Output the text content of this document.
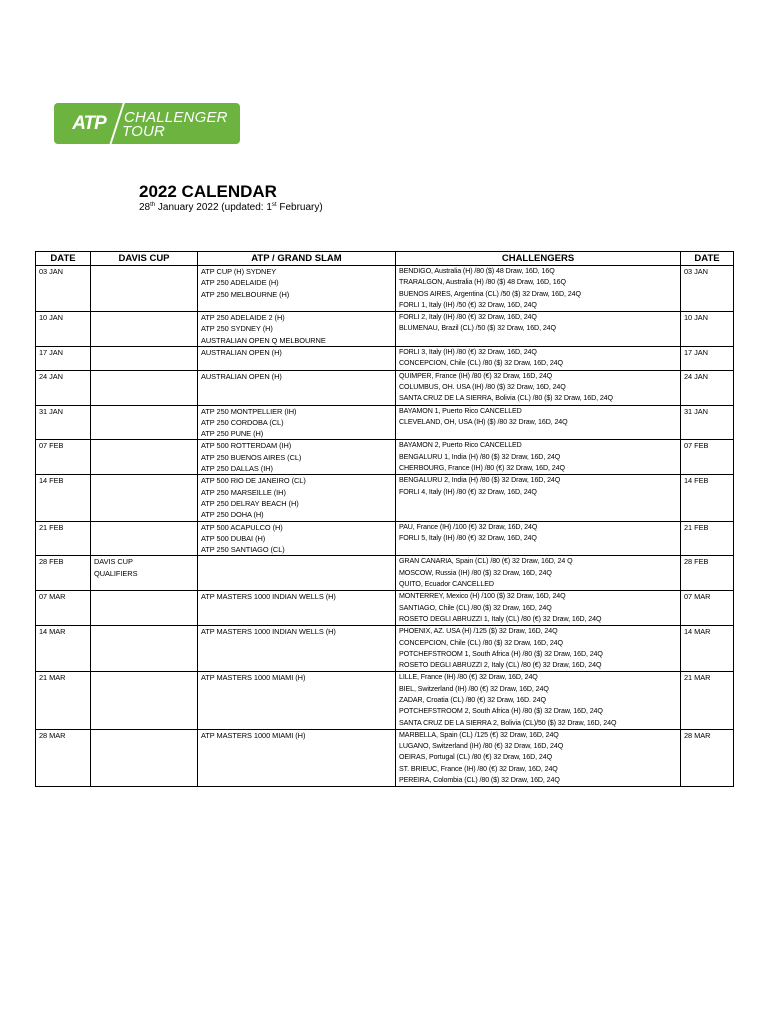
ATP	CHALLENGER
TOUR
2022 CALENDAR
28th January 2022 (updated: 1st February)
DATE	DAVIS CUP	ATP / GRAND SLAM	CHALLENGERS	DATE
03 JAN		ATP CUP (H) SYDNEY
ATP 250 ADELAIDE (H)
ATP 250 MELBOURNE (H)	BENDIGO, Australia (H) /80 ($) 48 Draw, 16D, 16Q
TRARALGON, Australia (H) /80 ($) 48 Draw, 16D, 16Q
BUENOS AIRES, Argentina (CL) /50 ($) 32 Draw, 16D, 24Q
FORLI 1, Italy (IH) /50 (€) 32 Draw, 16D, 24Q	03 JAN
10 JAN		ATP 250 ADELAIDE 2 (H)
ATP 250 SYDNEY (H)
AUSTRALIAN OPEN Q MELBOURNE	FORLI 2, Italy (IH) /80 (€) 32 Draw, 16D, 24Q
BLUMENAU, Brazil (CL) /50 ($) 32 Draw, 16D, 24Q	10 JAN
17 JAN		AUSTRALIAN OPEN (H)	FORLI 3, Italy (IH) /80 (€) 32 Draw, 16D, 24Q
CONCEPCION, Chile (CL) /80 ($) 32 Draw, 16D, 24Q	17 JAN
24 JAN		AUSTRALIAN OPEN (H)	QUIMPER, France (IH) /80 (€) 32 Draw, 16D, 24Q
COLUMBUS, OH. USA (IH) /80 ($) 32 Draw, 16D, 24Q
SANTA CRUZ DE LA SIERRA, Bolivia (CL) /80 ($) 32 Draw, 16D, 24Q	24 JAN
31 JAN		ATP 250 MONTPELLIER (IH)
ATP 250 CORDOBA (CL)
ATP 250 PUNE (H)	BAYAMON 1, Puerto Rico CANCELLED
CLEVELAND, OH, USA (IH) ($) /80 32 Draw, 16D, 24Q	31 JAN
07 FEB		ATP 500 ROTTERDAM (IH)
ATP 250 BUENOS AIRES (CL)
ATP 250 DALLAS (IH)	BAYAMON 2, Puerto Rico CANCELLED
BENGALURU 1, India (H) /80 ($) 32 Draw, 16D, 24Q
CHERBOURG, France (IH) /80 (€) 32 Draw, 16D, 24Q	07 FEB
14 FEB		ATP 500 RIO DE JANEIRO (CL)
ATP 250 MARSEILLE (IH)
ATP 250 DELRAY BEACH (H)
ATP 250 DOHA (H)	BENGALURU 2, India (H) /80 ($) 32 Draw, 16D, 24Q
FORLI 4, Italy (IH) /80 (€) 32 Draw, 16D, 24Q	14 FEB
21 FEB		ATP 500 ACAPULCO (H)
ATP 500 DUBAI (H)
ATP 250 SANTIAGO (CL)	PAU, France (IH) /100 (€) 32 Draw, 16D, 24Q
FORLI 5, Italy (IH) /80 (€) 32 Draw, 16D, 24Q	21 FEB
28 FEB	DAVIS CUP
QUALIFIERS		GRAN CANARIA, Spain (CL) /80 (€) 32 Draw, 16D, 24 Q
MOSCOW, Russia (IH) /80 ($) 32 Draw, 16D, 24Q
QUITO, Ecuador CANCELLED	28 FEB
07 MAR		ATP MASTERS 1000 INDIAN WELLS (H)	MONTERREY, Mexico (H) /100 ($) 32 Draw, 16D, 24Q
SANTIAGO, Chile (CL) /80 ($) 32 Draw, 16D, 24Q
ROSETO DEGLI ABRUZZI 1, Italy (CL) /80 (€) 32 Draw, 16D, 24Q	07 MAR
14 MAR		ATP MASTERS 1000 INDIAN WELLS (H)	PHOENIX, AZ. USA (H) /125 ($) 32 Draw, 16D, 24Q
CONCEPCION, Chile (CL) /80 ($) 32 Draw, 16D, 24Q
POTCHEFSTROOM 1, South Africa (H) /80 ($) 32 Draw, 16D, 24Q
ROSETO DEGLI ABRUZZI 2, Italy (CL) /80 (€) 32 Draw, 16D, 24Q	14 MAR
21 MAR		ATP MASTERS 1000 MIAMI (H)	LILLE, France (IH) /80 (€) 32 Draw, 16D, 24Q
BIEL, Switzerland (IH) /80 (€) 32 Draw, 16D, 24Q
ZADAR, Croatia (CL) /80 (€) 32 Draw, 16D. 24Q
POTCHEFSTROOM 2, South Africa (H) /80 ($) 32 Draw, 16D, 24Q
SANTA CRUZ DE LA SIERRA 2, Bolivia (CL)/50 ($) 32 Draw, 16D, 24Q	21 MAR
28 MAR		ATP MASTERS 1000 MIAMI (H)	MARBELLA, Spain (CL) /125 (€) 32 Draw, 16D, 24Q
LUGANO, Switzerland (IH) /80 (€) 32 Draw, 16D, 24Q
OEIRAS, Portugal (CL) /80 (€) 32 Draw, 16D, 24Q
ST. BRIEUC, France (IH) /80 (€) 32 Draw, 16D, 24Q
PEREIRA, Colombia (CL) /80 ($) 32 Draw, 16D, 24Q	28 MAR
